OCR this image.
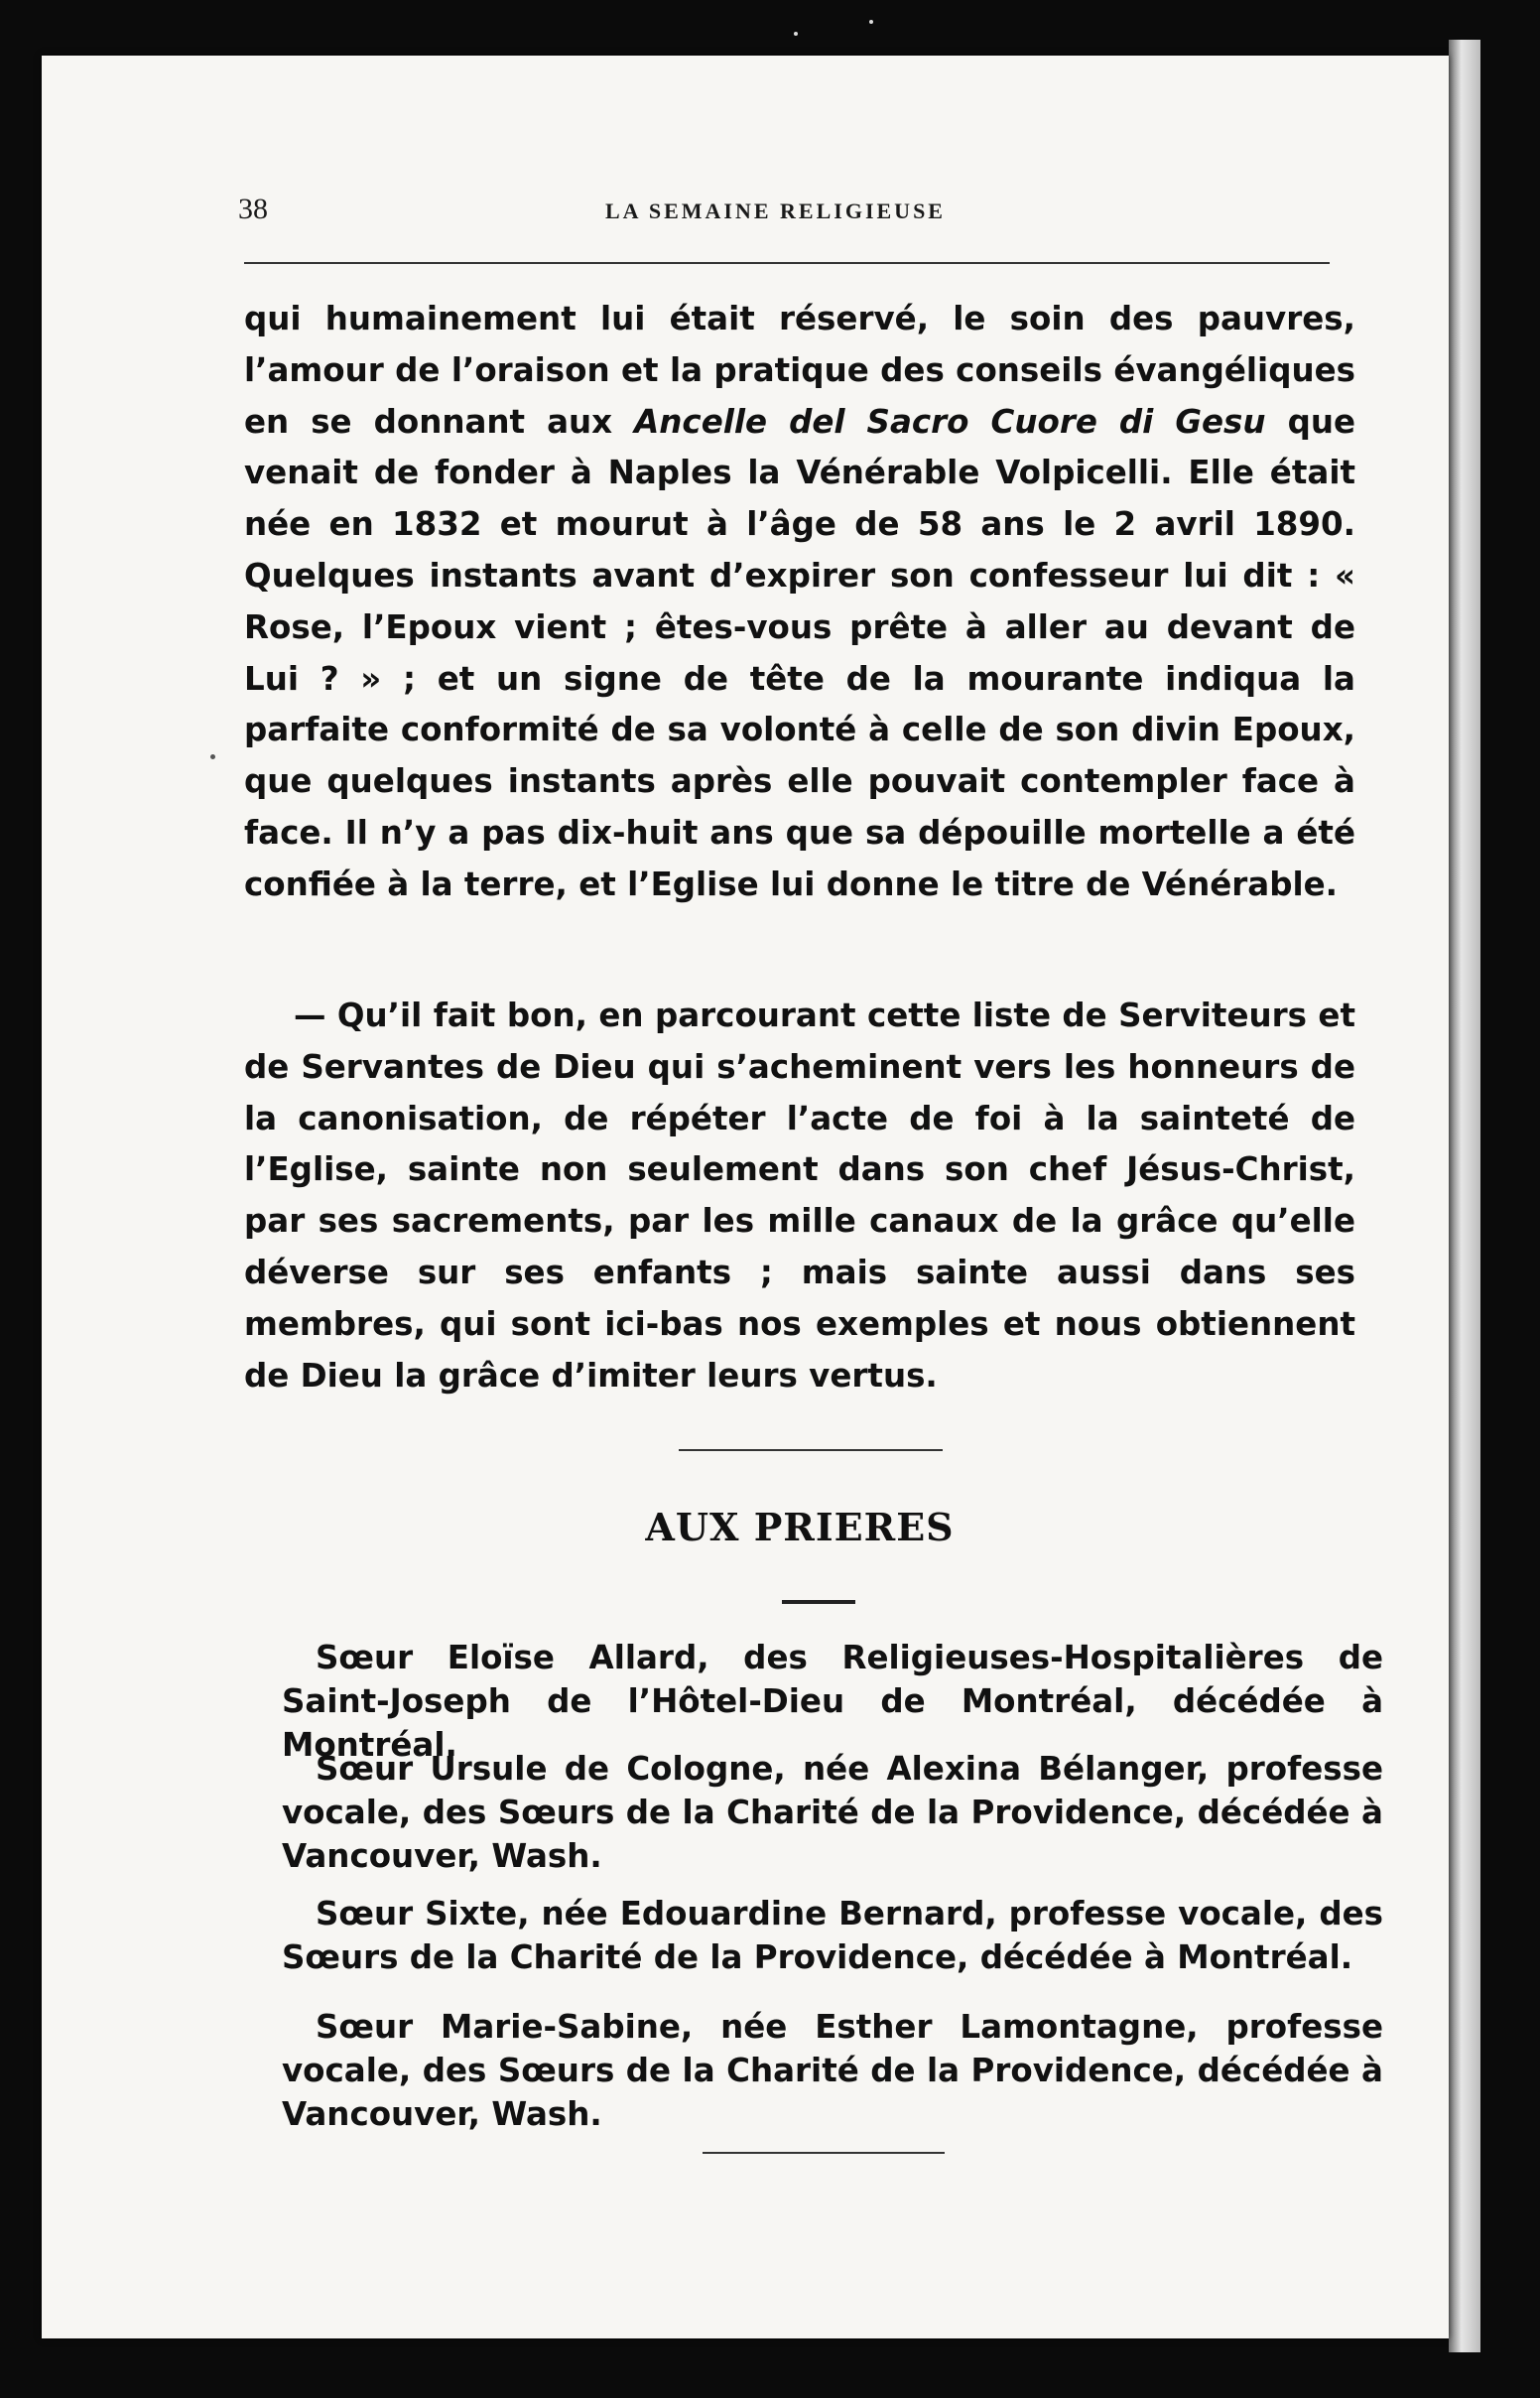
38	LA SEMAINE RELIGIEUSE

qui humainement lui était réservé, le soin des pauvres, l’amour de l’oraison et la pratique des conseils évangéliques en se donnant aux Ancelle del Sacro Cuore di Gesu que venait de fonder à Naples la Vénérable Volpicelli. Elle était née en 1832 et mourut à l’âge de 58 ans le 2 avril 1890. Quelques instants avant d’expirer son confesseur lui dit : « Rose, l’Epoux vient ; êtes-vous prête à aller au devant de Lui ? » ; et un signe de tête de la mourante indiqua la parfaite conformité de sa volonté à celle de son divin Epoux, que quelques instants après elle pouvait contempler face à face. Il n’y a pas dix-huit ans que sa dépouille mortelle a été confiée à la terre, et l’Eglise lui donne le titre de Vénérable.

— Qu’il fait bon, en parcourant cette liste de Serviteurs et de Servantes de Dieu qui s’acheminent vers les honneurs de la canonisation, de répéter l’acte de foi à la sainteté de l’Eglise, sainte non seulement dans son chef Jésus-Christ, par ses sacrements, par les mille canaux de la grâce qu’elle déverse sur ses enfants ; mais sainte aussi dans ses membres, qui sont ici-bas nos exemples et nous obtiennent de Dieu la grâce d’imiter leurs vertus.

AUX PRIERES

Sœur Eloïse Allard, des Religieuses-Hospitalières de Saint-Joseph de l’Hôtel-Dieu de Montréal, décédée à Montréal.

Sœur Ursule de Cologne, née Alexina Bélanger, professe vocale, des Sœurs de la Charité de la Providence, décédée à Vancouver, Wash.

Sœur Sixte, née Edouardine Bernard, professe vocale, des Sœurs de la Charité de la Providence, décédée à Montréal.

Sœur Marie-Sabine, née Esther Lamontagne, professe vocale, des Sœurs de la Charité de la Providence, décédée à Vancouver, Wash.
